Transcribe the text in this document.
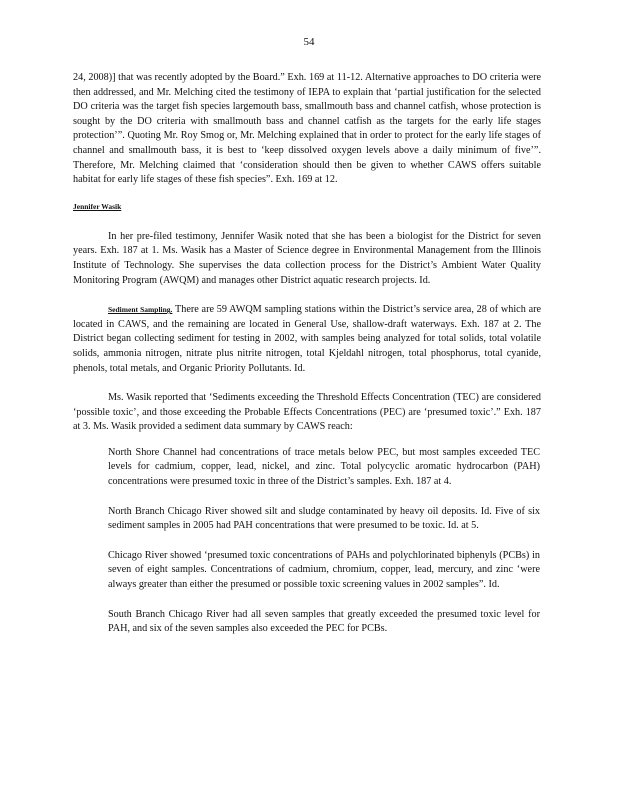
54

24, 2008)] that was recently adopted by the Board.” Exh. 169 at 11-12. Alternative approaches to DO criteria were then addressed, and Mr. Melching cited the testimony of IEPA to explain that ‘partial justification for the selected DO criteria was the target fish species largemouth bass, smallmouth bass and channel catfish, whose protection is sought by the DO criteria with smallmouth bass and channel catfish as the targets for the early life stages protection’”. Quoting Mr. Roy Smog or, Mr. Melching explained that in order to protect for the early life stages of channel and smallmouth bass, it is best to ‘keep dissolved oxygen levels above a daily minimum of five’”. Therefore, Mr. Melching claimed that ‘consideration should then be given to whether CAWS offers suitable habitat for early life stages of these fish species”. Exh. 169 at 12.

Jennifer Wasik

In her pre-filed testimony, Jennifer Wasik noted that she has been a biologist for the District for seven years. Exh. 187 at 1. Ms. Wasik has a Master of Science degree in Environmental Management from the Illinois Institute of Technology. She supervises the data collection process for the District’s Ambient Water Quality Monitoring Program (AWQM) and manages other District aquatic research projects. Id.

Sediment Sampling. There are 59 AWQM sampling stations within the District’s service area, 28 of which are located in CAWS, and the remaining are located in General Use, shallow-draft waterways. Exh. 187 at 2. The District began collecting sediment for testing in 2002, with samples being analyzed for total solids, total volatile solids, ammonia nitrogen, nitrate plus nitrite nitrogen, total Kjeldahl nitrogen, total phosphorus, total cyanide, phenols, total metals, and Organic Priority Pollutants. Id.

Ms. Wasik reported that ‘Sediments exceeding the Threshold Effects Concentration (TEC) are considered ‘possible toxic’, and those exceeding the Probable Effects Concentrations (PEC) are ‘presumed toxic’.” Exh. 187 at 3. Ms. Wasik provided a sediment data summary by CAWS reach:

North Shore Channel had concentrations of trace metals below PEC, but most samples exceeded TEC levels for cadmium, copper, lead, nickel, and zinc. Total polycyclic aromatic hydrocarbon (PAH) concentrations were presumed toxic in three of the District’s samples. Exh. 187 at 4.

North Branch Chicago River showed silt and sludge contaminated by heavy oil deposits. Id. Five of six sediment samples in 2005 had PAH concentrations that were presumed to be toxic. Id. at 5.

Chicago River showed ‘presumed toxic concentrations of PAHs and polychlorinated biphenyls (PCBs) in seven of eight samples. Concentrations of cadmium, chromium, copper, lead, mercury, and zinc ‘were always greater than either the presumed or possible toxic screening values in 2002 samples”. Id.

South Branch Chicago River had all seven samples that greatly exceeded the presumed toxic level for PAH, and six of the seven samples also exceeded the PEC for PCBs.
